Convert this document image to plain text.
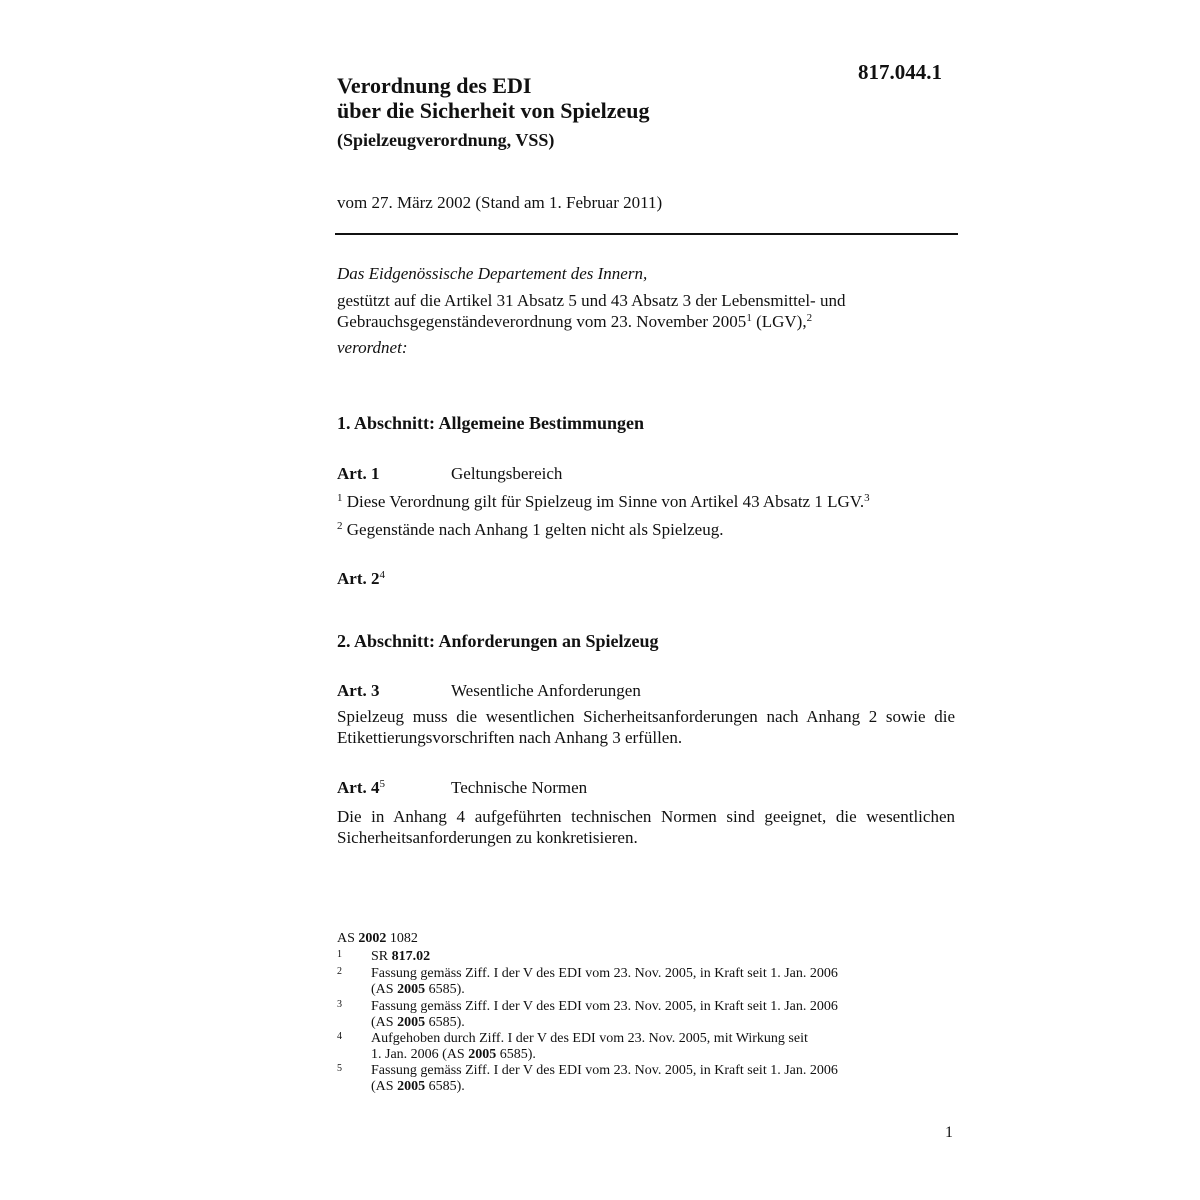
817.044.1
Verordnung des EDI
über die Sicherheit von Spielzeug
(Spielzeugverordnung, VSS)
vom 27. März 2002 (Stand am 1. Februar 2011)
Das Eidgenössische Departement des Innern,
gestützt auf die Artikel 31 Absatz 5 und 43 Absatz 3 der Lebensmittel- und
Gebrauchsgegenständeverordnung vom 23. November 2005$^1$ (LGV),$^2$
verordnet:
1. Abschnitt: Allgemeine Bestimmungen
Art. 1	Geltungsbereich
$^1$ Diese Verordnung gilt für Spielzeug im Sinne von Artikel 43 Absatz 1 LGV.$^3$
$^2$ Gegenstände nach Anhang 1 gelten nicht als Spielzeug.
Art. $2^4$
2. Abschnitt: Anforderungen an Spielzeug
Art. 3	Wesentliche Anforderungen
Spielzeug muss die wesentlichen Sicherheitsanforderungen nach Anhang 2 sowie die Etikettierungsvorschriften nach Anhang 3 erfüllen.
Art. $4^5$	Technische Normen
Die in Anhang 4 aufgeführten technischen Normen sind geeignet, die wesentlichen Sicherheitsanforderungen zu konkretisieren.
AS 2002 1082
1 SR 817.02
2 Fassung gemäss Ziff. I der V des EDI vom 23. Nov. 2005, in Kraft seit 1. Jan. 2006
(AS 2005 6585).
3 Fassung gemäss Ziff. I der V des EDI vom 23. Nov. 2005, in Kraft seit 1. Jan. 2006
(AS 2005 6585).
4 Aufgehoben durch Ziff. I der V des EDI vom 23. Nov. 2005, mit Wirkung seit
1. Jan. 2006 (AS 2005 6585).
5 Fassung gemäss Ziff. I der V des EDI vom 23. Nov. 2005, in Kraft seit 1. Jan. 2006
(AS 2005 6585).
1
